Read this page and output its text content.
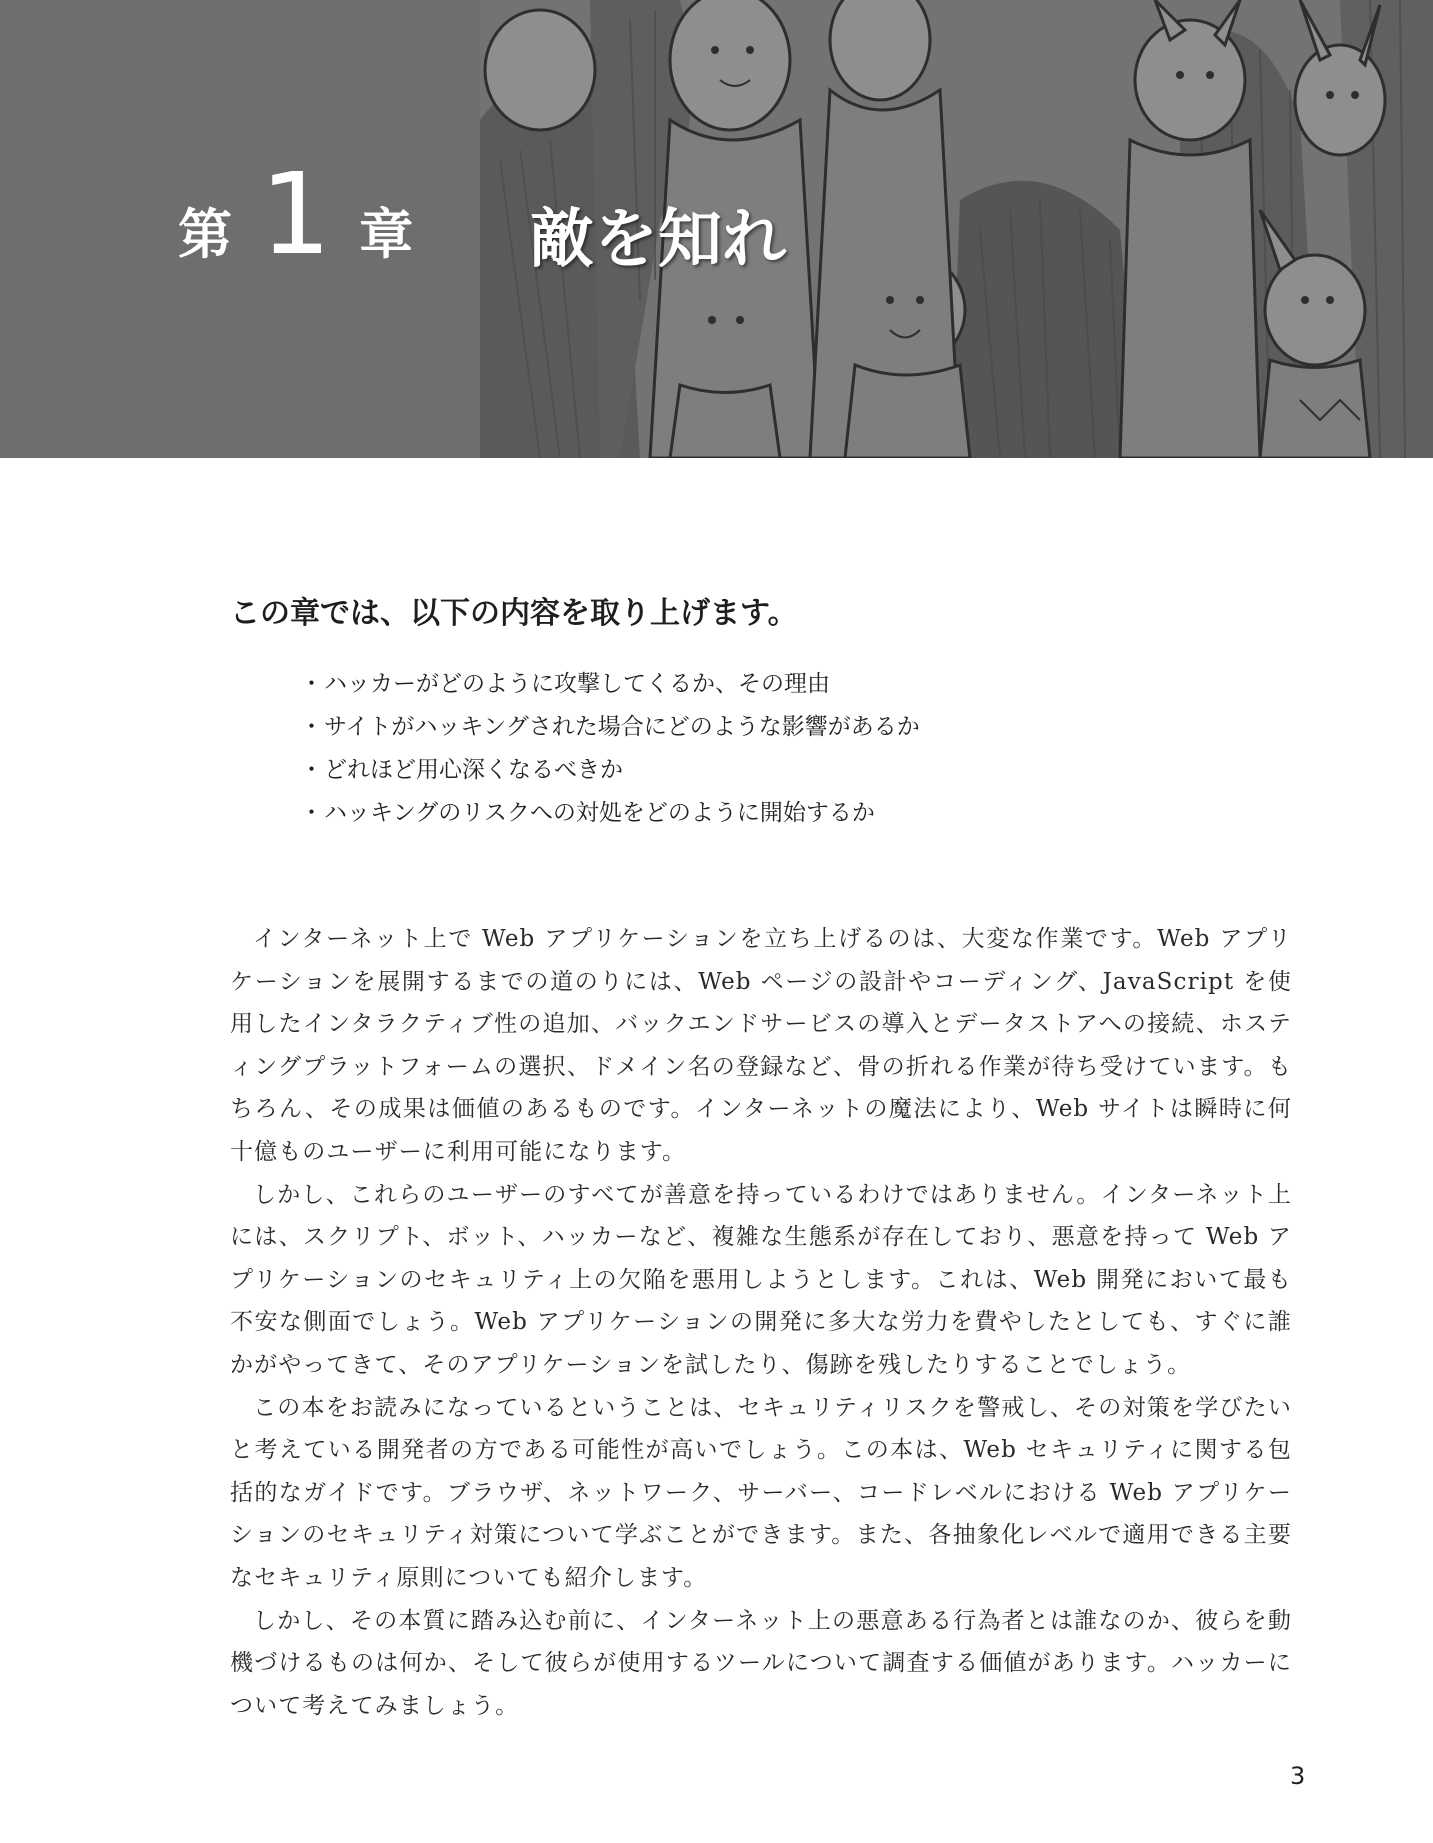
第 1 章 敵を知れ
この章では、以下の内容を取り上げます。
・ ハッカーがどのように攻撃してくるか、その理由
・ サイトがハッキングされた場合にどのような影響があるか
・ どれほど用心深くなるべきか
・ ハッキングのリスクへの対処をどのように開始するか

インターネット上で Web アプリケーションを立ち上げるのは、大変な作業です。Web アプリケーションを展開するまでの道のりには、Web ページの設計やコーディング、JavaScript を使用したインタラクティブ性の追加、バックエンドサービスの導入とデータストアへの接続、ホスティングプラットフォームの選択、ドメイン名の登録など、骨の折れる作業が待ち受けています。もちろん、その成果は価値のあるものです。インターネットの魔法により、Web サイトは瞬時に何十億ものユーザーに利用可能になります。

しかし、これらのユーザーのすべてが善意を持っているわけではありません。インターネット上には、スクリプト、ボット、ハッカーなど、複雑な生態系が存在しており、悪意を持って Web アプリケーションのセキュリティ上の欠陥を悪用しようとします。これは、Web 開発において最も不安な側面でしょう。Web アプリケーションの開発に多大な労力を費やしたとしても、すぐに誰かがやってきて、そのアプリケーションを試したり、傷跡を残したりすることでしょう。

この本をお読みになっているということは、セキュリティリスクを警戒し、その対策を学びたいと考えている開発者の方である可能性が高いでしょう。この本は、Web セキュリティに関する包括的なガイドです。ブラウザ、ネットワーク、サーバー、コードレベルにおける Web アプリケーションのセキュリティ対策について学ぶことができます。また、各抽象化レベルで適用できる主要なセキュリティ原則についても紹介します。

しかし、その本質に踏み込む前に、インターネット上の悪意ある行為者とは誰なのか、彼らを動機づけるものは何か、そして彼らが使用するツールについて調査する価値があります。ハッカーについて考えてみましょう。

3
